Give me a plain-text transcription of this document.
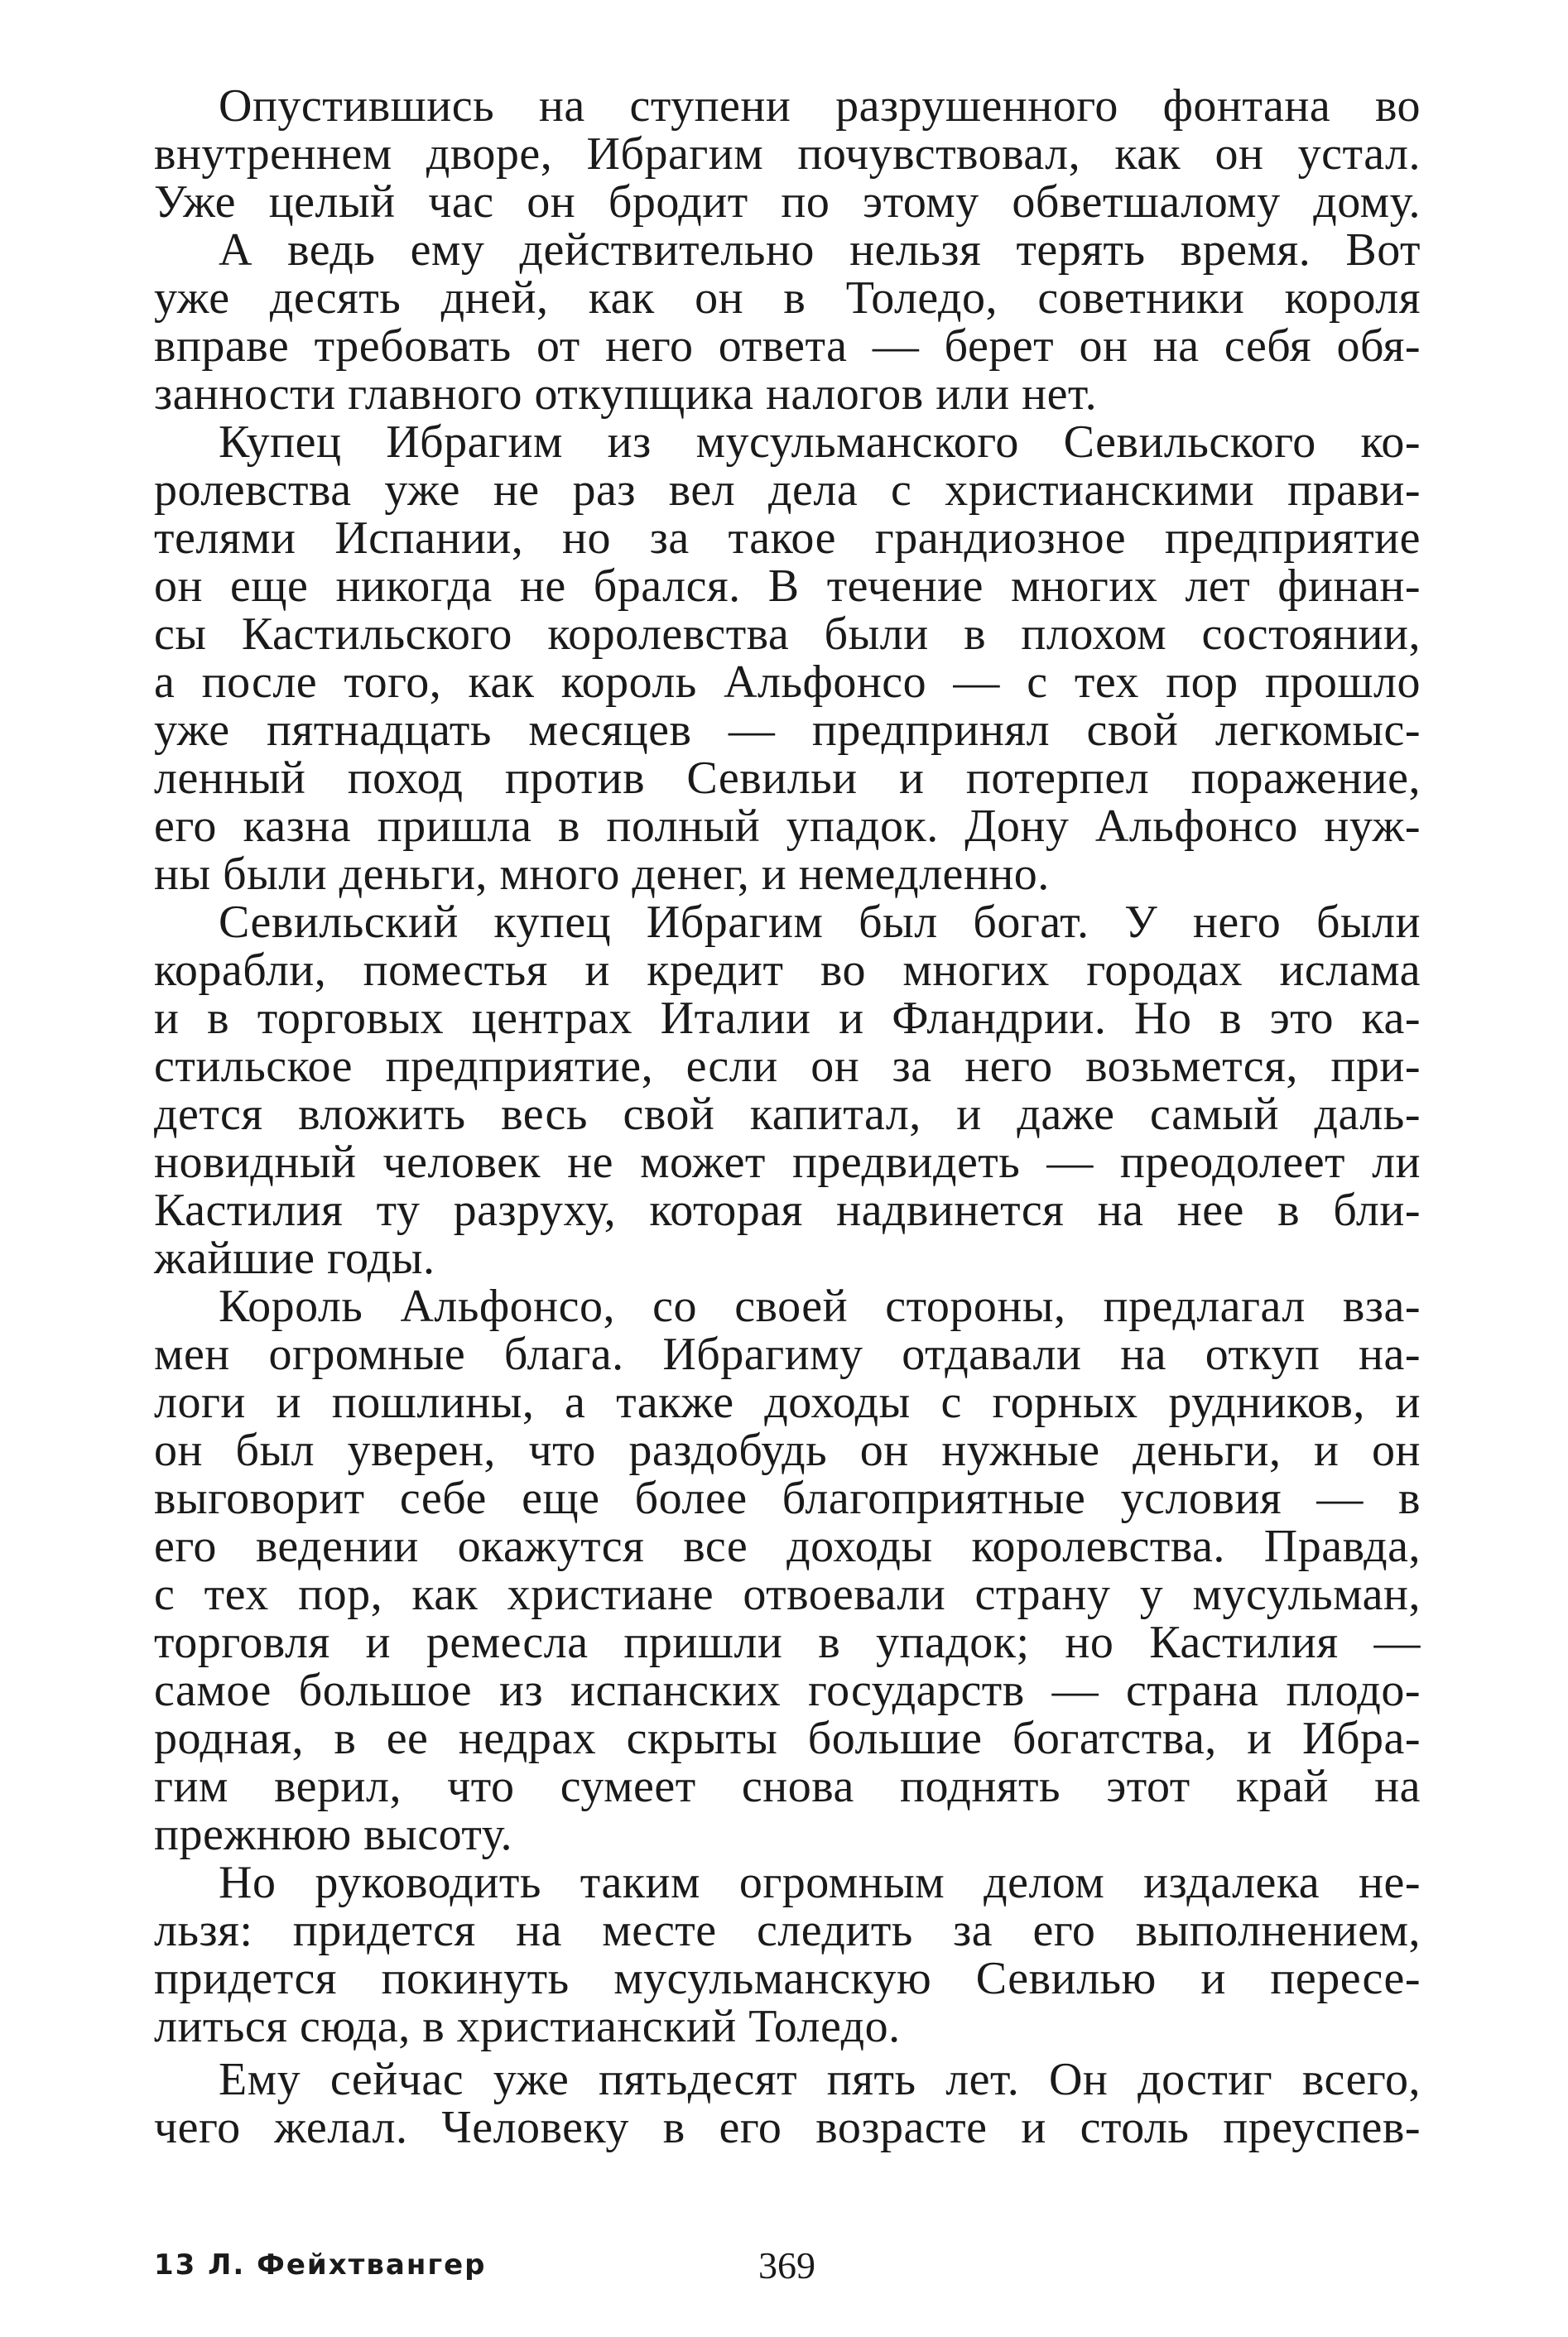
Опустившись на ступени разрушенного фонтана во
внутреннем дворе, Ибрагим почувствовал, как он устал.
Уже целый час он бродит по этому обветшалому дому.
А ведь ему действительно нельзя терять время. Вот
уже десять дней, как он в Толедо, советники короля
вправе требовать от него ответа — берет он на себя обя-
занности главного откупщика налогов или нет.
Купец Ибрагим из мусульманского Севильского ко-
ролевства уже не раз вел дела с христианскими прави-
телями Испании, но за такое грандиозное предприятие
он еще никогда не брался. В течение многих лет финан-
сы Кастильского королевства были в плохом состоянии,
а после того, как король Альфонсо — с тех пор прошло
уже пятнадцать месяцев — предпринял свой легкомыс-
ленный поход против Севильи и потерпел поражение,
его казна пришла в полный упадок. Дону Альфонсо нуж-
ны были деньги, много денег, и немедленно.
Севильский купец Ибрагим был богат. У него были
корабли, поместья и кредит во многих городах ислама
и в торговых центрах Италии и Фландрии. Но в это ка-
стильское предприятие, если он за него возьмется, при-
дется вложить весь свой капитал, и даже самый даль-
новидный человек не может предвидеть — преодолеет ли
Кастилия ту разруху, которая надвинется на нее в бли-
жайшие годы.
Король Альфонсо, со своей стороны, предлагал вза-
мен огромные блага. Ибрагиму отдавали на откуп на-
логи и пошлины, а также доходы с горных рудников, и
он был уверен, что раздобудь он нужные деньги, и он
выговорит себе еще более благоприятные условия — в
его ведении окажутся все доходы королевства. Правда,
с тех пор, как христиане отвоевали страну у мусульман,
торговля и ремесла пришли в упадок; но Кастилия —
самое большое из испанских государств — страна плодо-
родная, в ее недрах скрыты большие богатства, и Ибра-
гим верил, что сумеет снова поднять этот край на
прежнюю высоту.
Но руководить таким огромным делом издалека не-
льзя: придется на месте следить за его выполнением,
придется покинуть мусульманскую Севилью и пересе-
литься сюда, в христианский Толедо.
Ему сейчас уже пятьдесят пять лет. Он достиг всего,
чего желал. Человеку в его возрасте и столь преуспев-
13 Л. Фейхтвангер	369
